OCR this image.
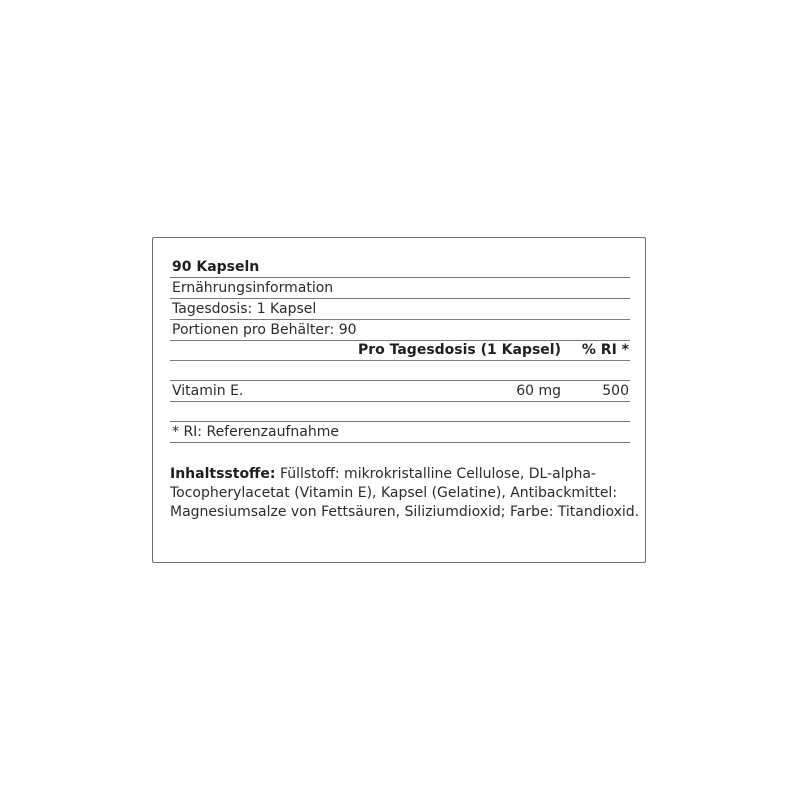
90 Kapseln
Ernährungsinformation
Tagesdosis: 1 Kapsel
Portionen pro Behälter: 90
Pro Tagesdosis (1 Kapsel) % RI *
Vitamin E.	60 mg	500
* RI: Referenzaufnahme
Inhaltsstoffe: Füllstoff: mikrokristalline Cellulose, DL-alpha-Tocopherylacetat (Vitamin E), Kapsel (Gelatine), Antibackmittel: Magnesiumsalze von Fettsäuren, Siliziumdioxid; Farbe: Titandioxid.
